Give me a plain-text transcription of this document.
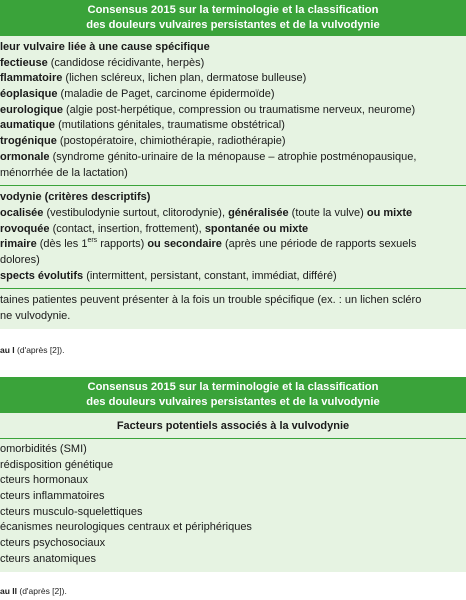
Consensus 2015 sur la terminologie et la classification
des douleurs vulvaires persistantes et de la vulvodynie
leur vulvaire liée à une cause spécifique
fectieuse (candidose récidivante, herpès)
flammatoire (lichen scléreux, lichen plan, dermatose bulleuse)
éoplasique (maladie de Paget, carcinome épidermoïde)
eurologique (algie post-herpétique, compression ou traumatisme nerveux, neurome)
aumatique (mutilations génitales, traumatisme obstétrical)
trogénique (postopératoire, chimiothérapie, radiothérapie)
ormonale (syndrome génito-urinaire de la ménopause – atrophie postménopausique,
ménorrhée de la lactation)
vodynie (critères descriptifs)
ocalisée (vestibulodynie surtout, clitorodynie), généralisée (toute la vulve) ou mixte
rovoquée (contact, insertion, frottement), spontanée ou mixte
rimaire (dès les 1ers rapports) ou secondaire (après une période de rapports sexuels
dolores)
spects évolutifs (intermittent, persistant, constant, immédiat, différé)
taines patientes peuvent présenter à la fois un trouble spécifique (ex. : un lichen scléro
ne vulvodynie.
au I (d'après [2]).
Consensus 2015 sur la terminologie et la classification
des douleurs vulvaires persistantes et de la vulvodynie
Facteurs potentiels associés à la vulvodynie
omorbidités (SMI)
rédisposition génétique
cteurs hormonaux
cteurs inflammatoires
cteurs musculo-squelettiques
écanismes neurologiques centraux et périphériques
cteurs psychosociaux
cteurs anatomiques
au II (d'après [2]).
